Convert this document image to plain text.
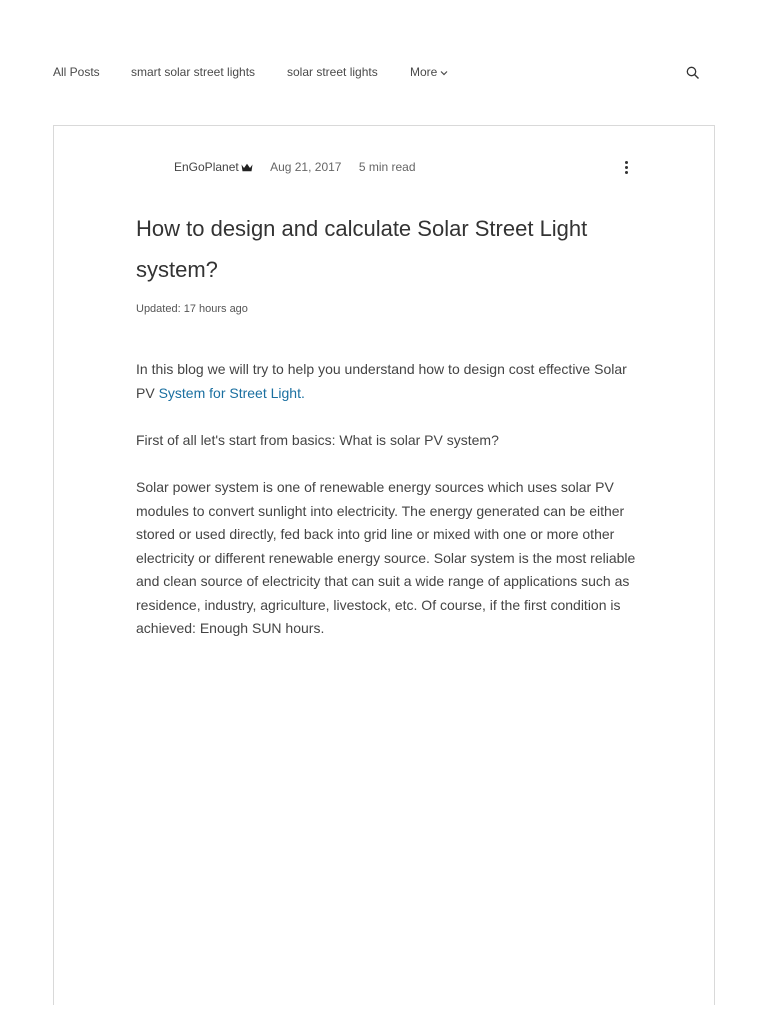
All Posts	smart solar street lights	solar street lights	More
EnGoPlanet	Aug 21, 2017 5 min read
How to design and calculate Solar Street Light system?
Updated: 17 hours ago

In this blog we will try to help you understand how to design cost effective Solar PV System for Street Light.

First of all let's start from basics: What is solar PV system?

Solar power system is one of renewable energy sources which uses solar PV modules to convert sunlight into electricity. The energy generated can be either stored or used directly, fed back into grid line or mixed with one or more other electricity or different renewable energy source. Solar system is the most reliable and clean source of electricity that can suit a wide range of applications such as residence, industry, agriculture, livestock, etc. Of course, if the first condition is achieved: Enough SUN hours.
